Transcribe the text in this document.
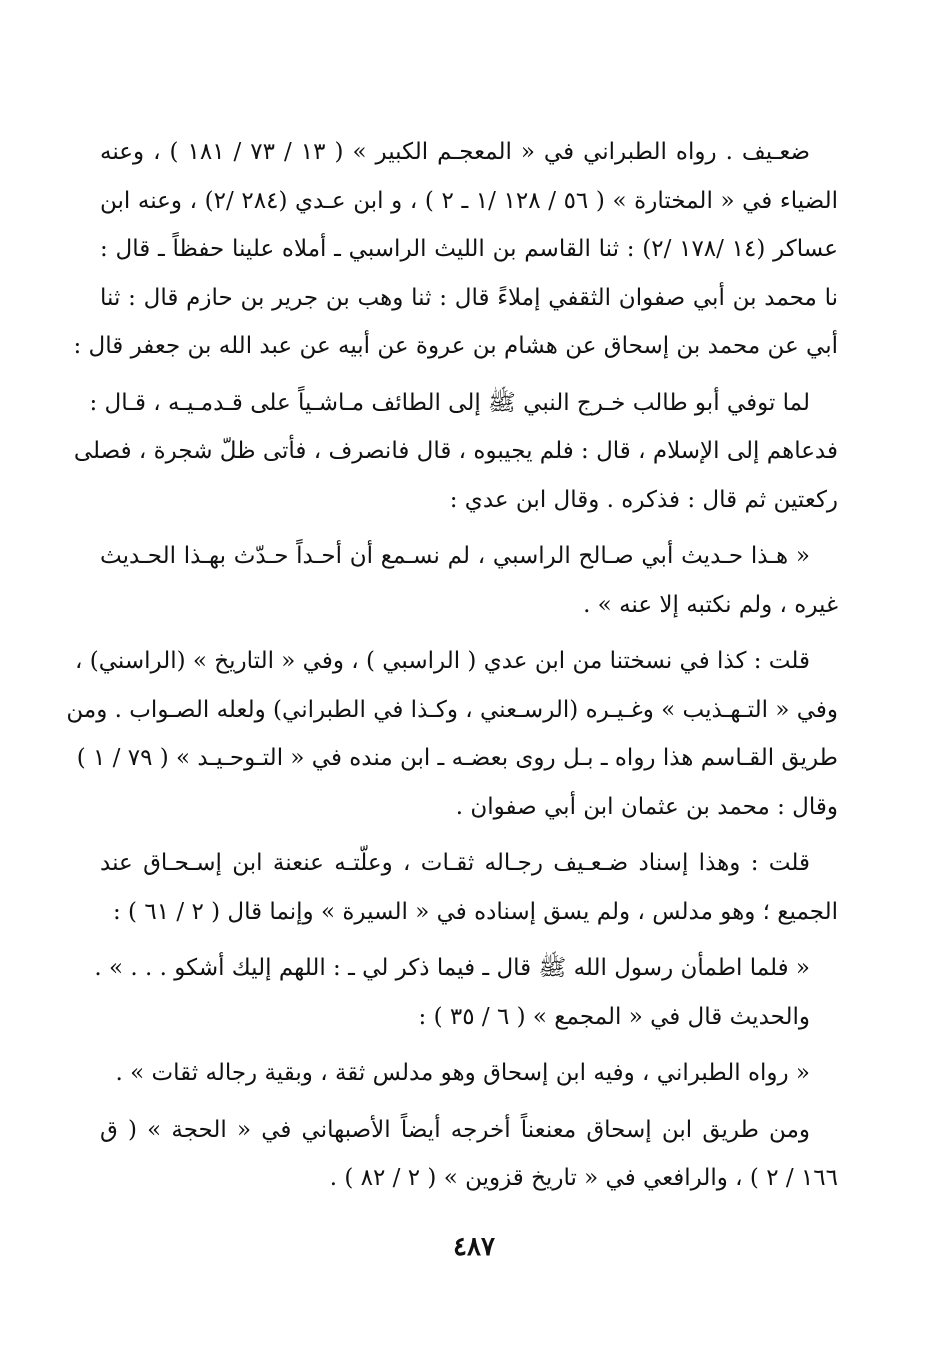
ضعـيف . رواه الطبراني في « المعجـم الكبير » ( ١٣ / ٧٣ / ١٨١ ) ، وعنه
الضياء في « المختارة » ( ٥٦ / ١٢٨ /١ ـ ٢ ) ، و ابن عـدي (٢٨٤ /٢) ، وعنه ابن
عساكر (١٤ /١٧٨ /٢) : ثنا القاسم بن الليث الراسبي ـ أملاه علينا حفظاً ـ قال :
نا محمد بن أبي صفوان الثقفي إملاءً قال : ثنا وهب بن جرير بن حازم قال : ثنا
أبي عن محمد بن إسحاق عن هشام بن عروة عن أبيه عن عبد الله بن جعفر قال :

لما توفي أبو طالب خـرج النبي ﷺ إلى الطائف مـاشـياً على قـدمـيـه ، قـال :
فدعاهم إلى الإسلام ، قال : فلم يجيبوه ، قال فانصرف ، فأتى ظلّ شجرة ، فصلى
ركعتين ثم قال : فذكره . وقال ابن عدي :

« هـذا حـديث أبي صـالح الراسبي ، لم نسـمع أن أحـداً حـدّث بهـذا الحـديث
غيره ، ولم نكتبه إلا عنه » .

قلت : كذا في نسختنا من ابن عدي ( الراسبي ) ، وفي « التاريخ » (الراسني) ،
وفي « التـهـذيب » وغـيـره (الرسـعني ، وكـذا في الطبراني) ولعله الصـواب . ومن
طريق القـاسم هذا رواه ـ بـل روى بعضـه ـ ابن منده في « التـوحـيـد » ( ٧٩ / ١ )
وقال : محمد بن عثمان ابن أبي صفوان .

قلت : وهذا إسناد ضـعـيف رجـاله ثقـات ، وعلّتـه عنعنة ابن إسـحـاق عند
الجميع ؛ وهو مدلس ، ولم يسق إسناده في « السيرة » وإنما قال ( ٢ / ٦١ ) :

« فلما اطمأن رسول الله ﷺ قال ـ فيما ذكر لي ـ : اللهم إليك أشكو . . . » .

والحديث قال في « المجمع » ( ٦ / ٣٥ ) :

« رواه الطبراني ، وفيه ابن إسحاق وهو مدلس ثقة ، وبقية رجاله ثقات » .

ومن طريق ابن إسحاق معنعناً أخرجه أيضاً الأصبهاني في « الحجة » ( ق
١٦٦ / ٢ ) ، والرافعي في « تاريخ قزوين » ( ٢ / ٨٢ ) .

٤٨٧
